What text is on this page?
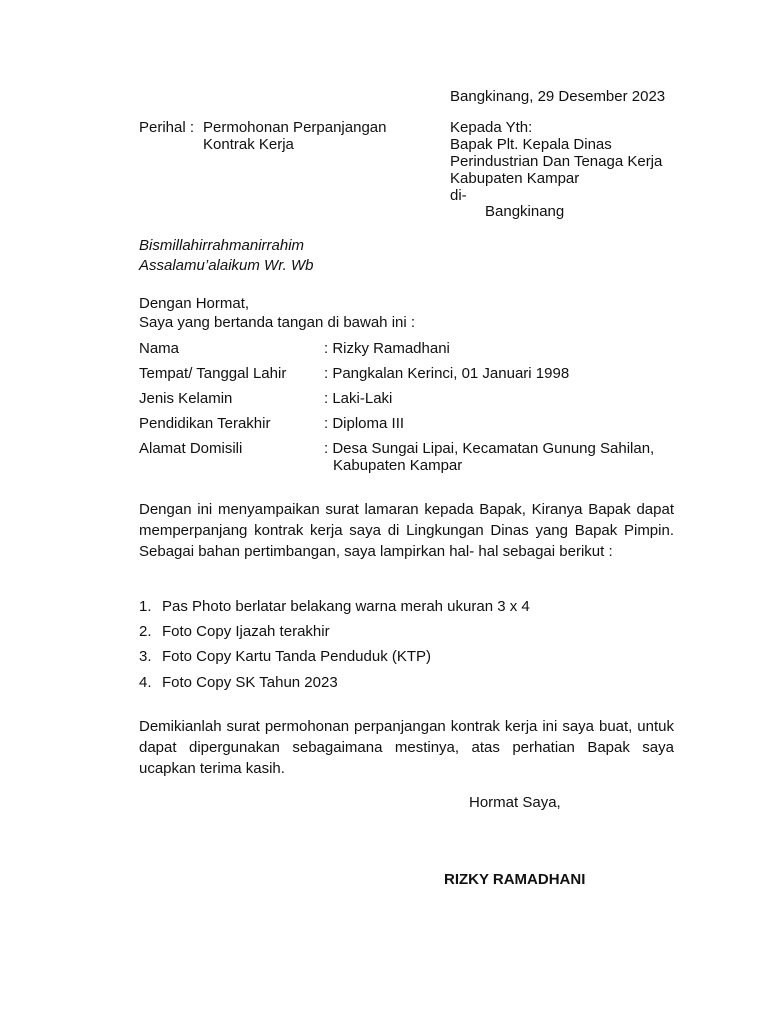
Bangkinang, 29 Desember 2023
Perihal : Permohonan Perpanjangan
Kontrak Kerja
Kepada Yth:
Bapak Plt. Kepala Dinas
Perindustrian Dan Tenaga Kerja
Kabupaten Kampar
di-
Bangkinang
Bismillahirrahmanirrahim
Assalamu’alaikum Wr. Wb
Dengan Hormat,
Saya yang bertanda tangan di bawah ini :
Nama	: Rizky Ramadhani
Tempat/ Tanggal Lahir	: Pangkalan Kerinci, 01 Januari 1998
Jenis Kelamin	: Laki-Laki
Pendidikan Terakhir	: Diploma III
Alamat Domisili	: Desa Sungai Lipai, Kecamatan Gunung Sahilan,
Kabupaten Kampar
Dengan ini menyampaikan surat lamaran kepada Bapak, Kiranya Bapak dapat memperpanjang kontrak kerja saya di Lingkungan Dinas yang Bapak Pimpin. Sebagai bahan pertimbangan, saya lampirkan hal- hal sebagai berikut :
1. Pas Photo berlatar belakang warna merah ukuran 3 x 4
2. Foto Copy Ijazah terakhir
3. Foto Copy Kartu Tanda Penduduk (KTP)
4. Foto Copy SK Tahun 2023
Demikianlah surat permohonan perpanjangan kontrak kerja ini saya buat, untuk dapat dipergunakan sebagaimana mestinya, atas perhatian Bapak saya ucapkan terima kasih.
Hormat Saya,
RIZKY RAMADHANI
